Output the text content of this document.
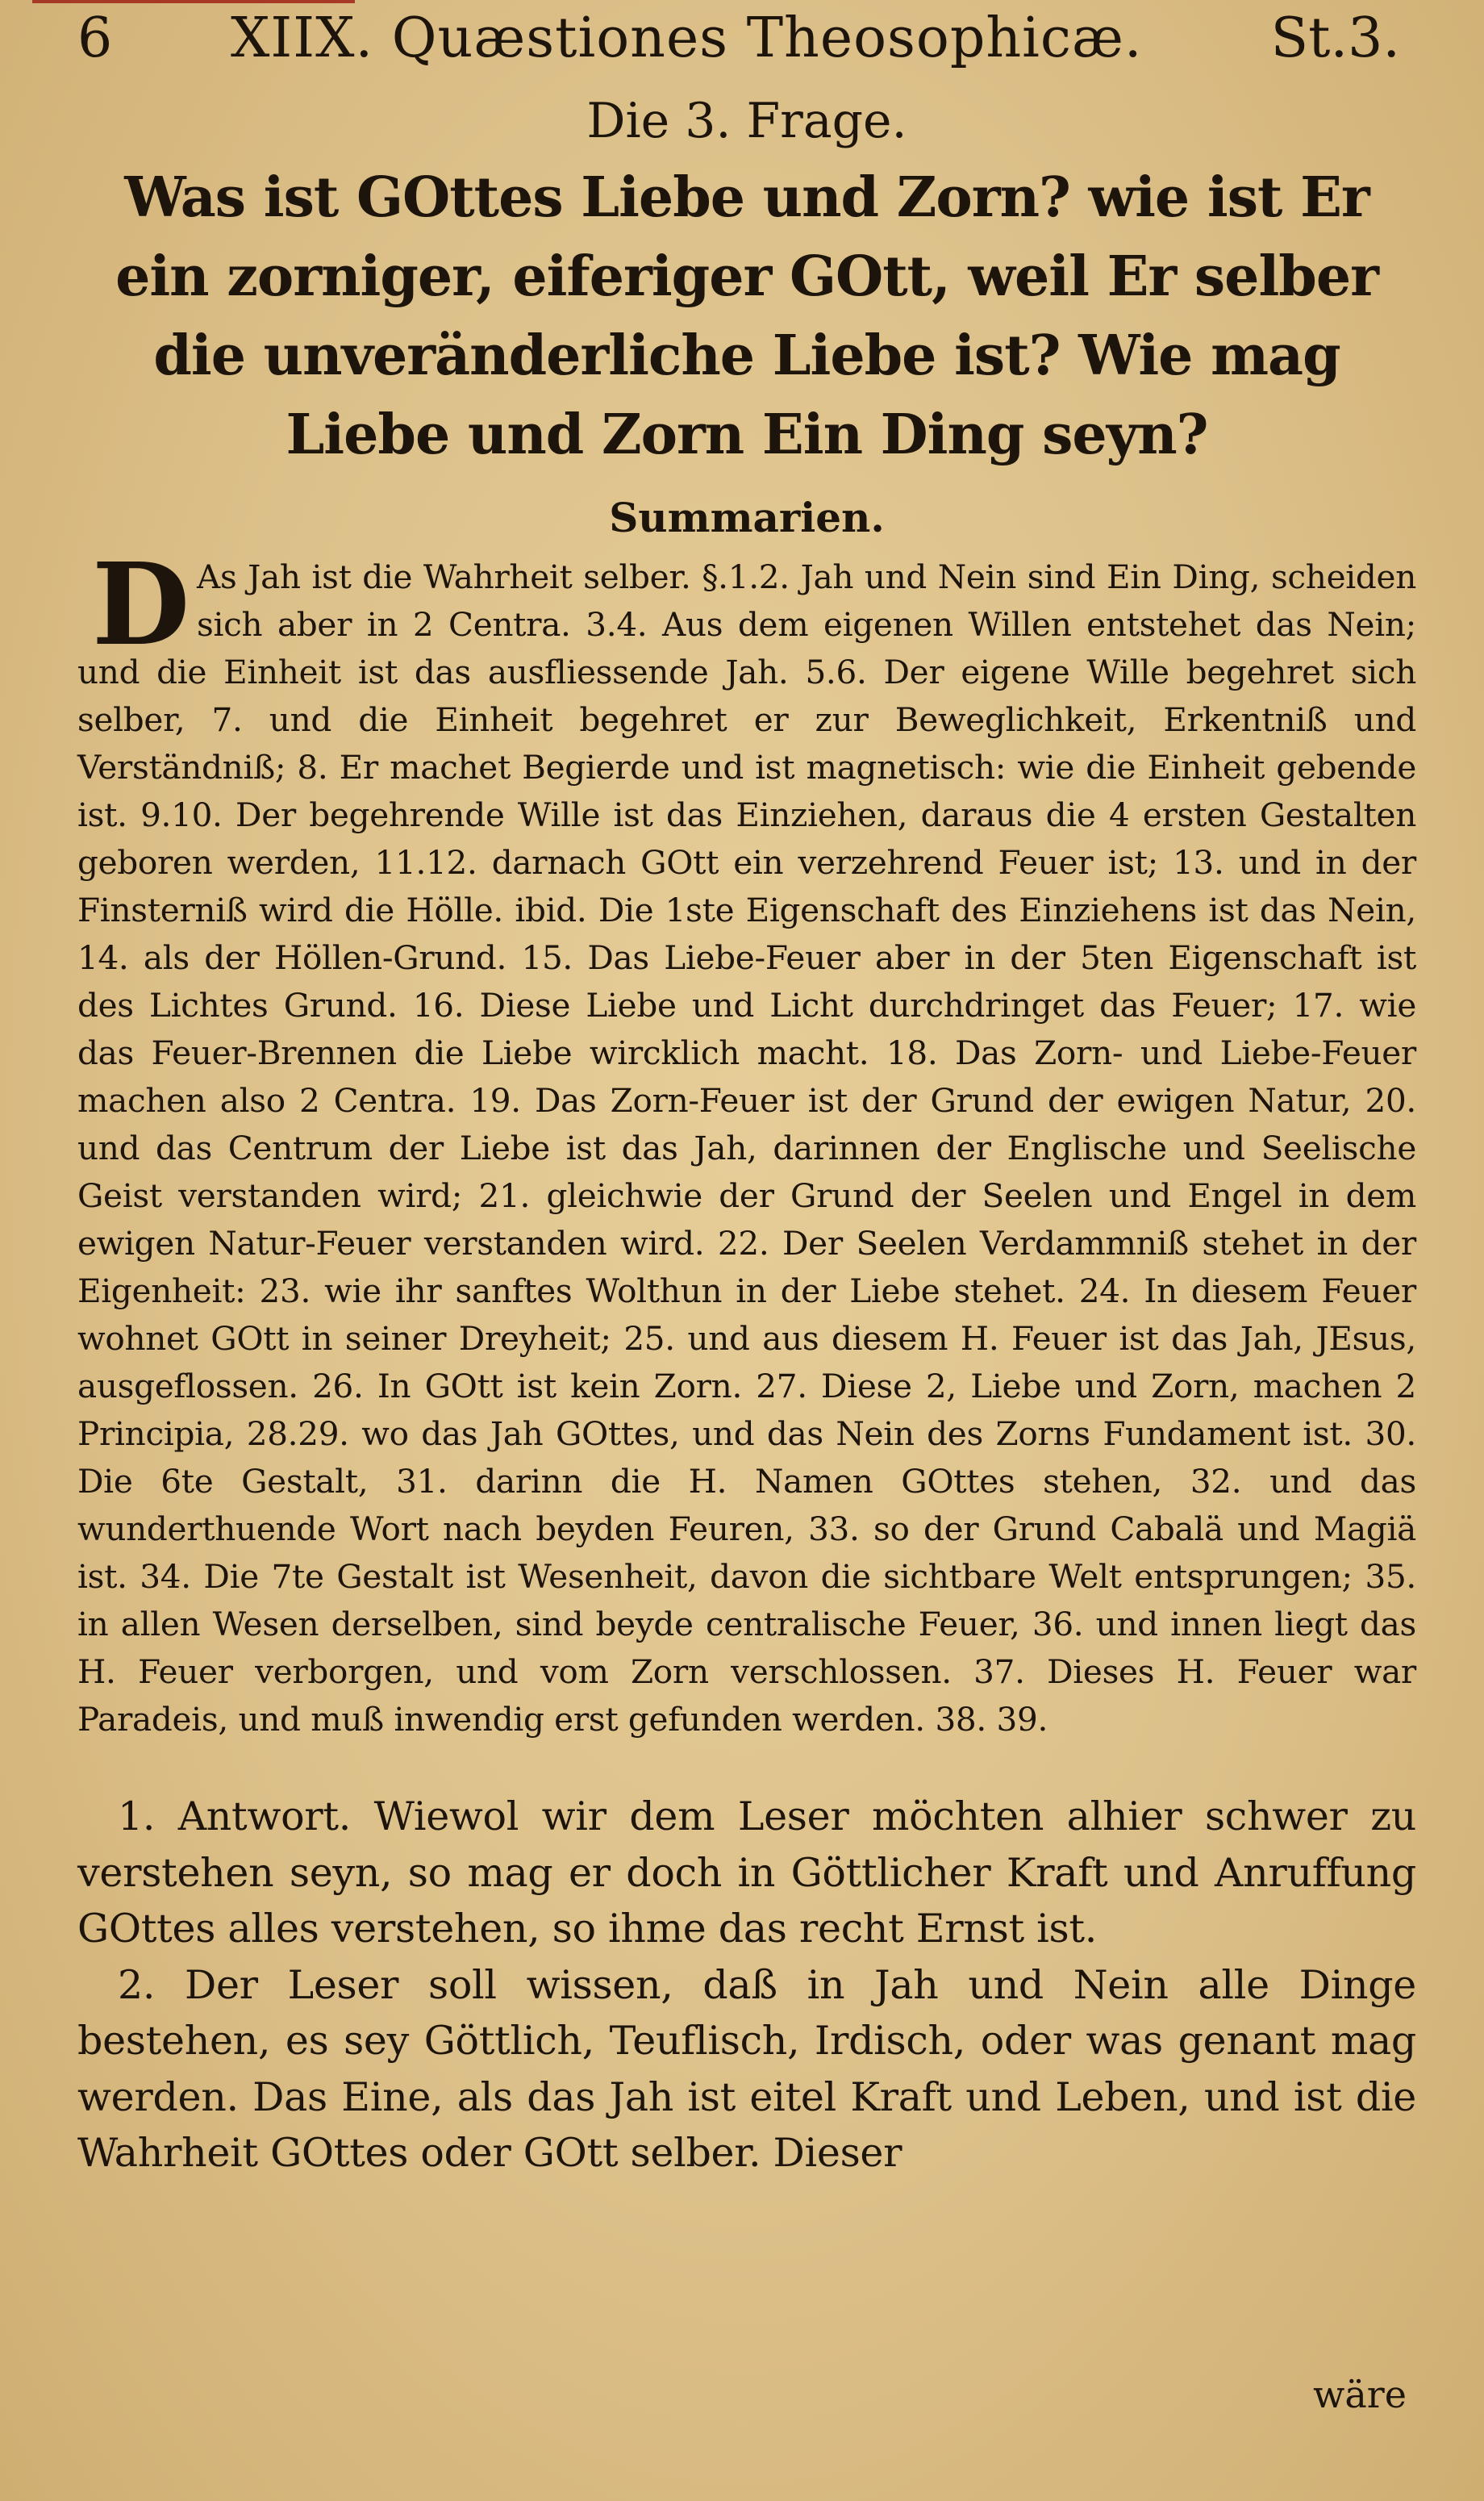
6 XIIX. Quæstiones Theosophicæ. St.3.
Die 3. Frage.
Was ist GOttes Liebe und Zorn? wie ist Er ein zorniger, eiferiger GOtt, weil Er selber die unveränderliche Liebe ist? Wie mag Liebe und Zorn Ein Ding seyn?
Summarien.
D As Jah ist die Wahrheit selber. §.1.2. Jah und Nein sind Ein Ding, scheiden sich aber in 2 Centra. 3.4. Aus dem eigenen Willen entstehet das Nein; und die Einheit ist das ausfliessende Jah. 5.6. Der eigene Wille begehret sich selber, 7. und die Einheit begehret er zur Beweglichkeit, Erkentniß und Verständniß; 8. Er machet Begierde und ist magnetisch: wie die Einheit gebende ist. 9.10. Der begehrende Wille ist das Einziehen, daraus die 4 ersten Gestalten geboren werden, 11.12. darnach GOtt ein verzehrend Feuer ist; 13. und in der Finsterniß wird die Hölle. ibid. Die 1ste Eigenschaft des Einziehens ist das Nein, 14. als der Höllen-Grund. 15. Das Liebe-Feuer aber in der 5ten Eigenschaft ist des Lichtes Grund. 16. Diese Liebe und Licht durchdringet das Feuer; 17. wie das Feuer-Brennen die Liebe wircklich macht. 18. Das Zorn- und Liebe-Feuer machen also 2 Centra. 19. Das Zorn-Feuer ist der Grund der ewigen Natur, 20. und das Centrum der Liebe ist das Jah, darinnen der Englische und Seelische Geist verstanden wird; 21. gleichwie der Grund der Seelen und Engel in dem ewigen Natur-Feuer verstanden wird. 22. Der Seelen Verdammniß stehet in der Eigenheit: 23. wie ihr sanftes Wolthun in der Liebe stehet. 24. In diesem Feuer wohnet GOtt in seiner Dreyheit; 25. und aus diesem H. Feuer ist das Jah, JEsus, ausgeflossen. 26. In GOtt ist kein Zorn. 27. Diese 2, Liebe und Zorn, machen 2 Principia, 28.29. wo das Jah GOttes, und das Nein des Zorns Fundament ist. 30. Die 6te Gestalt, 31. darinn die H. Namen GOttes stehen, 32. und das wunderthuende Wort nach beyden Feuren, 33. so der Grund Cabalä und Magiä ist. 34. Die 7te Gestalt ist Wesenheit, davon die sichtbare Welt entsprungen; 35. in allen Wesen derselben, sind beyde centralische Feuer, 36. und innen liegt das H. Feuer verborgen, und vom Zorn verschlossen. 37. Dieses H. Feuer war Paradeis, und muß inwendig erst gefunden werden. 38. 39.

1. Antwort. Wiewol wir dem Leser möchten alhier schwer zu verstehen seyn, so mag er doch in Göttlicher Kraft und Anruffung GOttes alles verstehen, so ihme das recht Ernst ist.

2. Der Leser soll wissen, daß in Jah und Nein alle Dinge bestehen, es sey Göttlich, Teuflisch, Irdisch, oder was genant mag werden. Das Eine, als das Jah ist eitel Kraft und Leben, und ist die Wahrheit GOttes oder GOtt selber. Dieser

wäre
